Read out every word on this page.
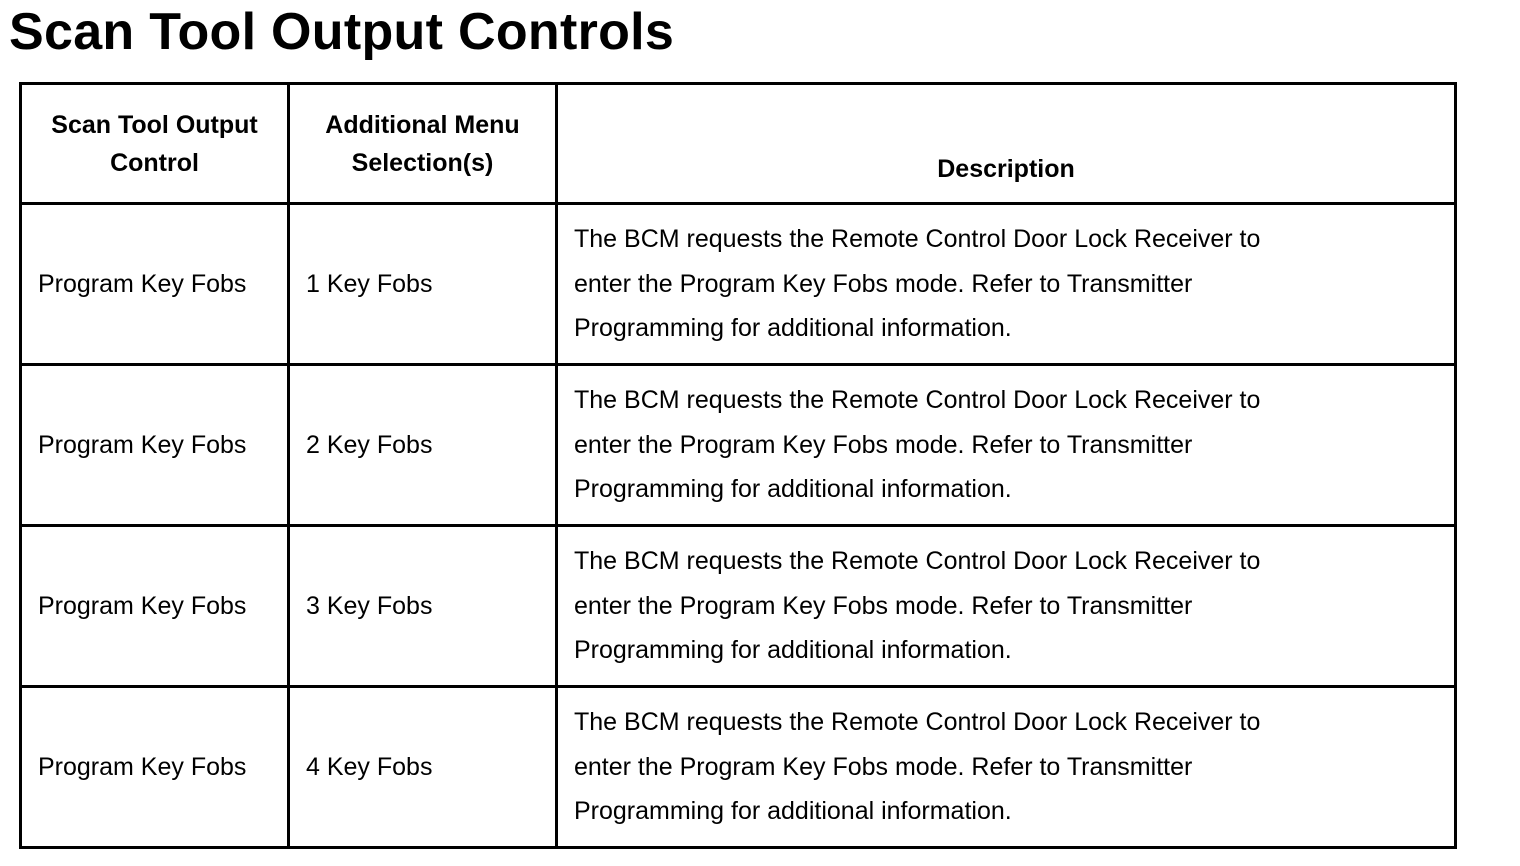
Scan Tool Output Controls
Scan Tool Output Control	Additional Menu Selection(s)	Description
Program Key Fobs	1 Key Fobs	The BCM requests the Remote Control Door Lock Receiver to enter the Program Key Fobs mode. Refer to Transmitter Programming for additional information.

Program Key Fobs	2 Key Fobs	The BCM requests the Remote Control Door Lock Receiver to enter the Program Key Fobs mode. Refer to Transmitter Programming for additional information.

Program Key Fobs	3 Key Fobs	The BCM requests the Remote Control Door Lock Receiver to enter the Program Key Fobs mode. Refer to Transmitter Programming for additional information.

Program Key Fobs	4 Key Fobs	The BCM requests the Remote Control Door Lock Receiver to enter the Program Key Fobs mode. Refer to Transmitter Programming for additional information.
